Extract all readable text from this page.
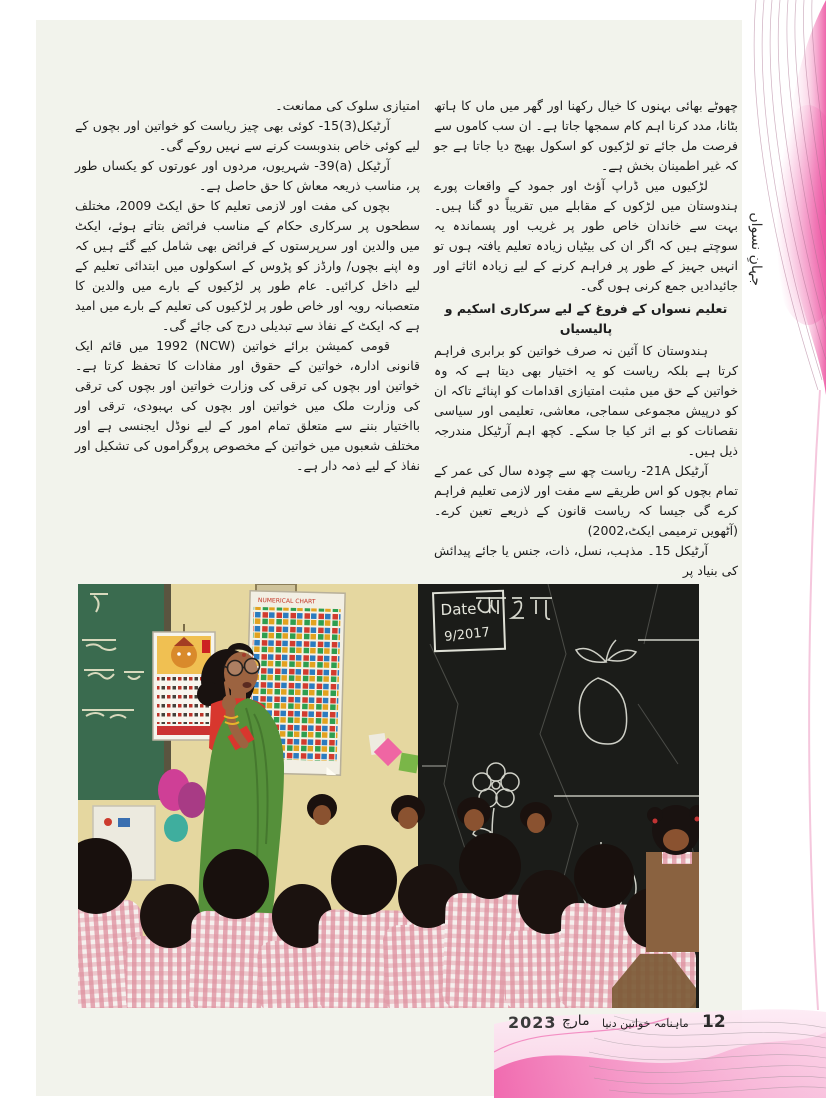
چھوٹے بھائی بہنوں کا خیال رکھنا اور گھر میں ماں کا ہاتھ بٹانا، مدد کرنا اہم کام سمجھا جاتا ہے۔ ان سب کاموں سے فرصت مل جائے تو لڑکیوں کو اسکول بھیج دیا جاتا ہے جو کہ غیر اطمینان بخش ہے۔

لڑکیوں میں ڈراپ آؤٹ اور جمود کے واقعات پورے ہندوستان میں لڑکوں کے مقابلے میں تقریباً دو گنا ہیں۔ بہت سے خاندان خاص طور پر غریب اور پسماندہ یہ سوچتے ہیں کہ اگر ان کی بیٹیاں زیادہ تعلیم یافتہ ہوں تو انہیں جہیز کے طور پر فراہم کرنے کے لیے زیادہ اثاثے اور جائیدادیں جمع کرنی ہوں گی۔

تعلیم نسواں کے فروغ کے لیے سرکاری اسکیم و پالیسیاں

ہندوستان کا آئین نہ صرف خواتین کو برابری فراہم کرتا ہے بلکہ ریاست کو یہ اختیار بھی دیتا ہے کہ وہ خواتین کے حق میں مثبت امتیازی اقدامات کو اپنائے تاکہ ان کو درپیش مجموعی سماجی، معاشی، تعلیمی اور سیاسی نقصانات کو بے اثر کیا جا سکے۔ کچھ اہم آرٹیکل مندرجہ ذیل ہیں۔

آرٹیکل 21A- ریاست چھ سے چودہ سال کی عمر کے تمام بچوں کو اس طریقے سے مفت اور لازمی تعلیم فراہم کرے گی جیسا کہ ریاست قانون کے ذریعے تعین کرے۔ (آٹھویں ترمیمی ایکٹ،2002)

آرٹیکل 15۔ مذہب، نسل، ذات، جنس یا جائے پیدائش کی بنیاد پر

امتیازی سلوک کی ممانعت۔

آرٹیکل(3)15- کوئی بھی چیز ریاست کو خواتین اور بچوں کے لیے کوئی خاص بندوبست کرنے سے نہیں روکے گی۔

آرٹیکل (a)39- شہریوں، مردوں اور عورتوں کو یکساں طور پر، مناسب ذریعہ معاش کا حق حاصل ہے۔

بچوں کی مفت اور لازمی تعلیم کا حق ایکٹ 2009، مختلف سطحوں پر سرکاری حکام کے مناسب فرائض بتاتے ہوئے، ایکٹ میں والدین اور سرپرستوں کے فرائض بھی شامل کیے گئے ہیں کہ وہ اپنے بچوں/ وارڈز کو پڑوس کے اسکولوں میں ابتدائی تعلیم کے لیے داخل کرائیں۔ عام طور پر لڑکیوں کے بارے میں والدین کا متعصبانہ رویہ اور خاص طور پر لڑکیوں کی تعلیم کے بارے میں امید ہے کہ ایکٹ کے نفاذ سے تبدیلی درج کی جائے گی۔

قومی کمیشن برائے خواتین (NCW) 1992 میں قائم ایک قانونی ادارہ، خواتین کے حقوق اور مفادات کا تحفظ کرتا ہے۔ خواتین اور بچوں کی ترقی کی وزارت خواتین اور بچوں کی ترقی کی وزارت ملک میں خواتین اور بچوں کی بہبودی، ترقی اور بااختیار بننے سے متعلق تمام امور کے لیے نوڈل ایجنسی ہے اور مختلف شعبوں میں خواتین کے مخصوص پروگراموں کی تشکیل اور نفاذ کے لیے ذمہ دار ہے۔

NUMERICAL CHART	Date
9/2017
جہانِ نسواں
2023 مارچ ماہنامہ خواتین دنیا 12
